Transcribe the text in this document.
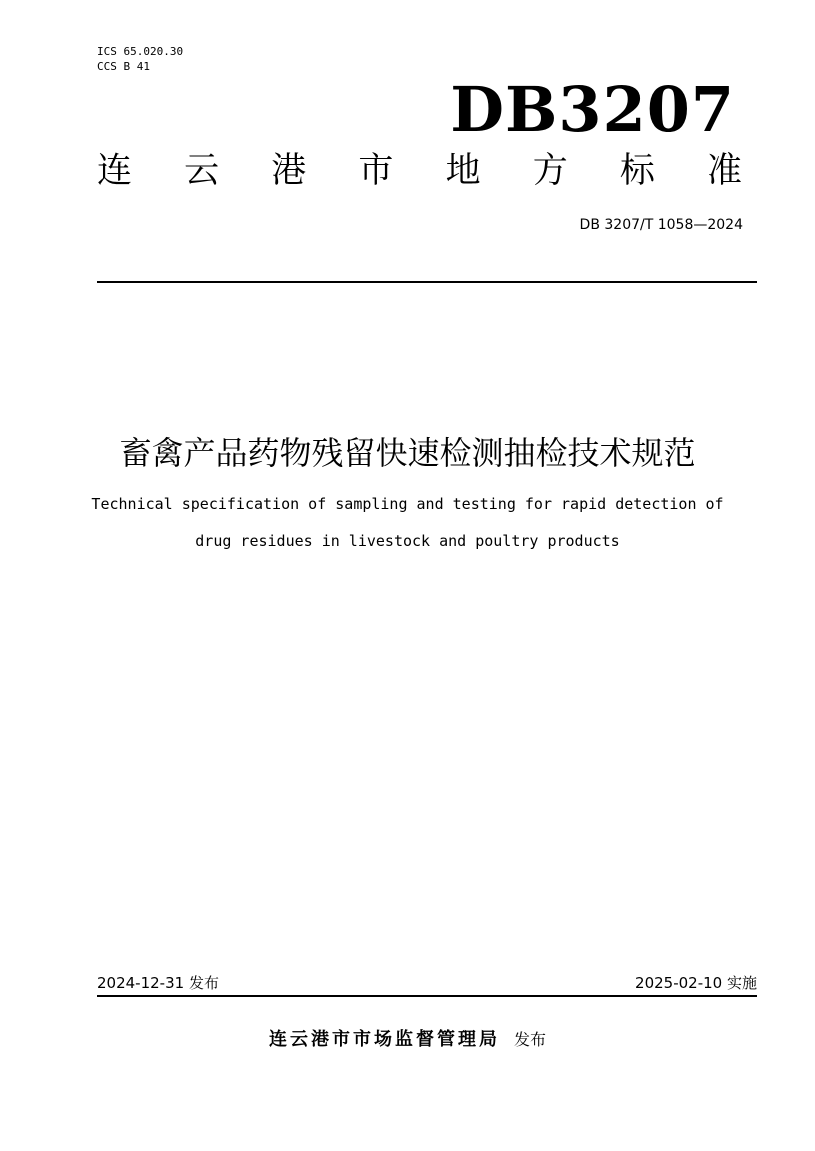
ICS 65.020.30
CCS B 41
DB3207
连 云 港 市 地 方 标 准
DB 3207/T 1058—2024
畜禽产品药物残留快速检测抽检技术规范
Technical specification of sampling and testing for rapid detection of
drug residues in livestock and poultry products
2024-12-31 发布	2025-02-10 实施
连云港市市场监督管理局 发布
